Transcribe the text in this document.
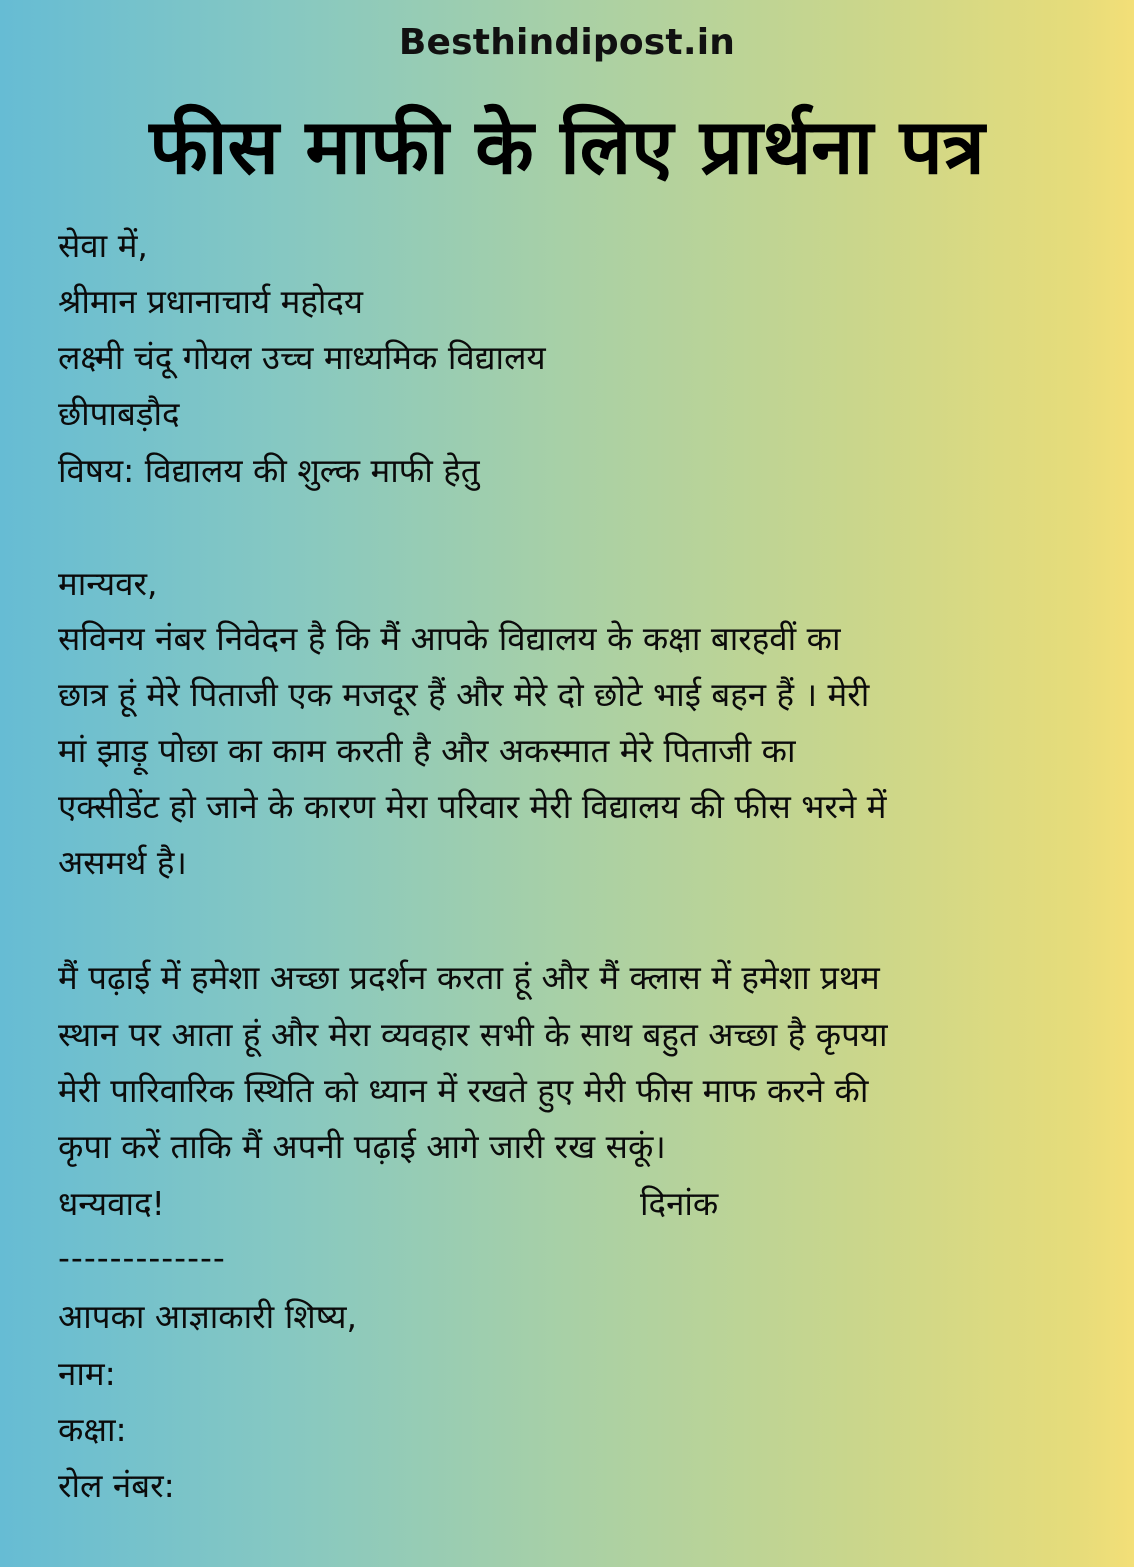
Besthindipost.in
फीस माफी के लिए प्रार्थना पत्र
सेवा में,
श्रीमान प्रधानाचार्य महोदय
लक्ष्मी चंदू गोयल उच्च माध्यमिक विद्यालय
छीपाबड़ौद
विषय: विद्यालय की शुल्क माफी हेतु
मान्यवर,
सविनय नंबर निवेदन है कि मैं आपके विद्यालय के कक्षा बारहवीं का
छात्र हूं मेरे पिताजी एक मजदूर हैं और मेरे दो छोटे भाई बहन हैं । मेरी
मां झाड़ू पोछा का काम करती है और अकस्मात मेरे पिताजी का
एक्सीडेंट हो जाने के कारण मेरा परिवार मेरी विद्यालय की फीस भरने में
असमर्थ है।
मैं पढ़ाई में हमेशा अच्छा प्रदर्शन करता हूं और मैं क्लास में हमेशा प्रथम
स्थान पर आता हूं और मेरा व्यवहार सभी के साथ बहुत अच्छा है कृपया
मेरी पारिवारिक स्थिति को ध्यान में रखते हुए मेरी फीस माफ करने की
कृपा करें ताकि मैं अपनी पढ़ाई आगे जारी रख सकूं।
धन्यवाद!	दिनांक
-------------
आपका आज्ञाकारी शिष्य,
नाम:
कक्षा:
रोल नंबर:
